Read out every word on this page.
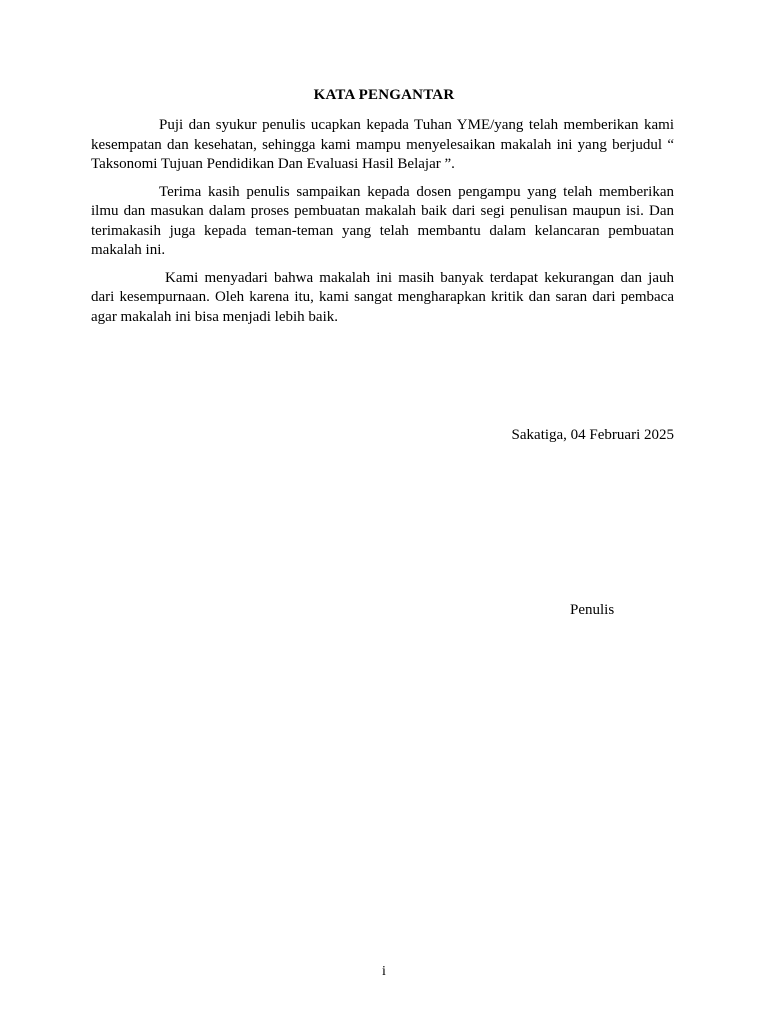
KATA PENGANTAR

Puji dan syukur penulis ucapkan kepada Tuhan YME/yang telah memberikan kami kesempatan dan kesehatan, sehingga kami mampu menyelesaikan makalah ini yang berjudul “ Taksonomi Tujuan Pendidikan Dan Evaluasi Hasil Belajar ”.

Terima kasih penulis sampaikan kepada dosen pengampu yang telah memberikan ilmu dan masukan dalam proses pembuatan makalah baik dari segi penulisan maupun isi. Dan terimakasih juga kepada teman-teman yang telah membantu dalam kelancaran pembuatan makalah ini.

Kami menyadari bahwa makalah ini masih banyak terdapat kekurangan dan jauh dari kesempurnaan. Oleh karena itu, kami sangat mengharapkan kritik dan saran dari pembaca agar makalah ini bisa menjadi lebih baik.

Sakatiga, 04 Februari 2025
Penulis
i
